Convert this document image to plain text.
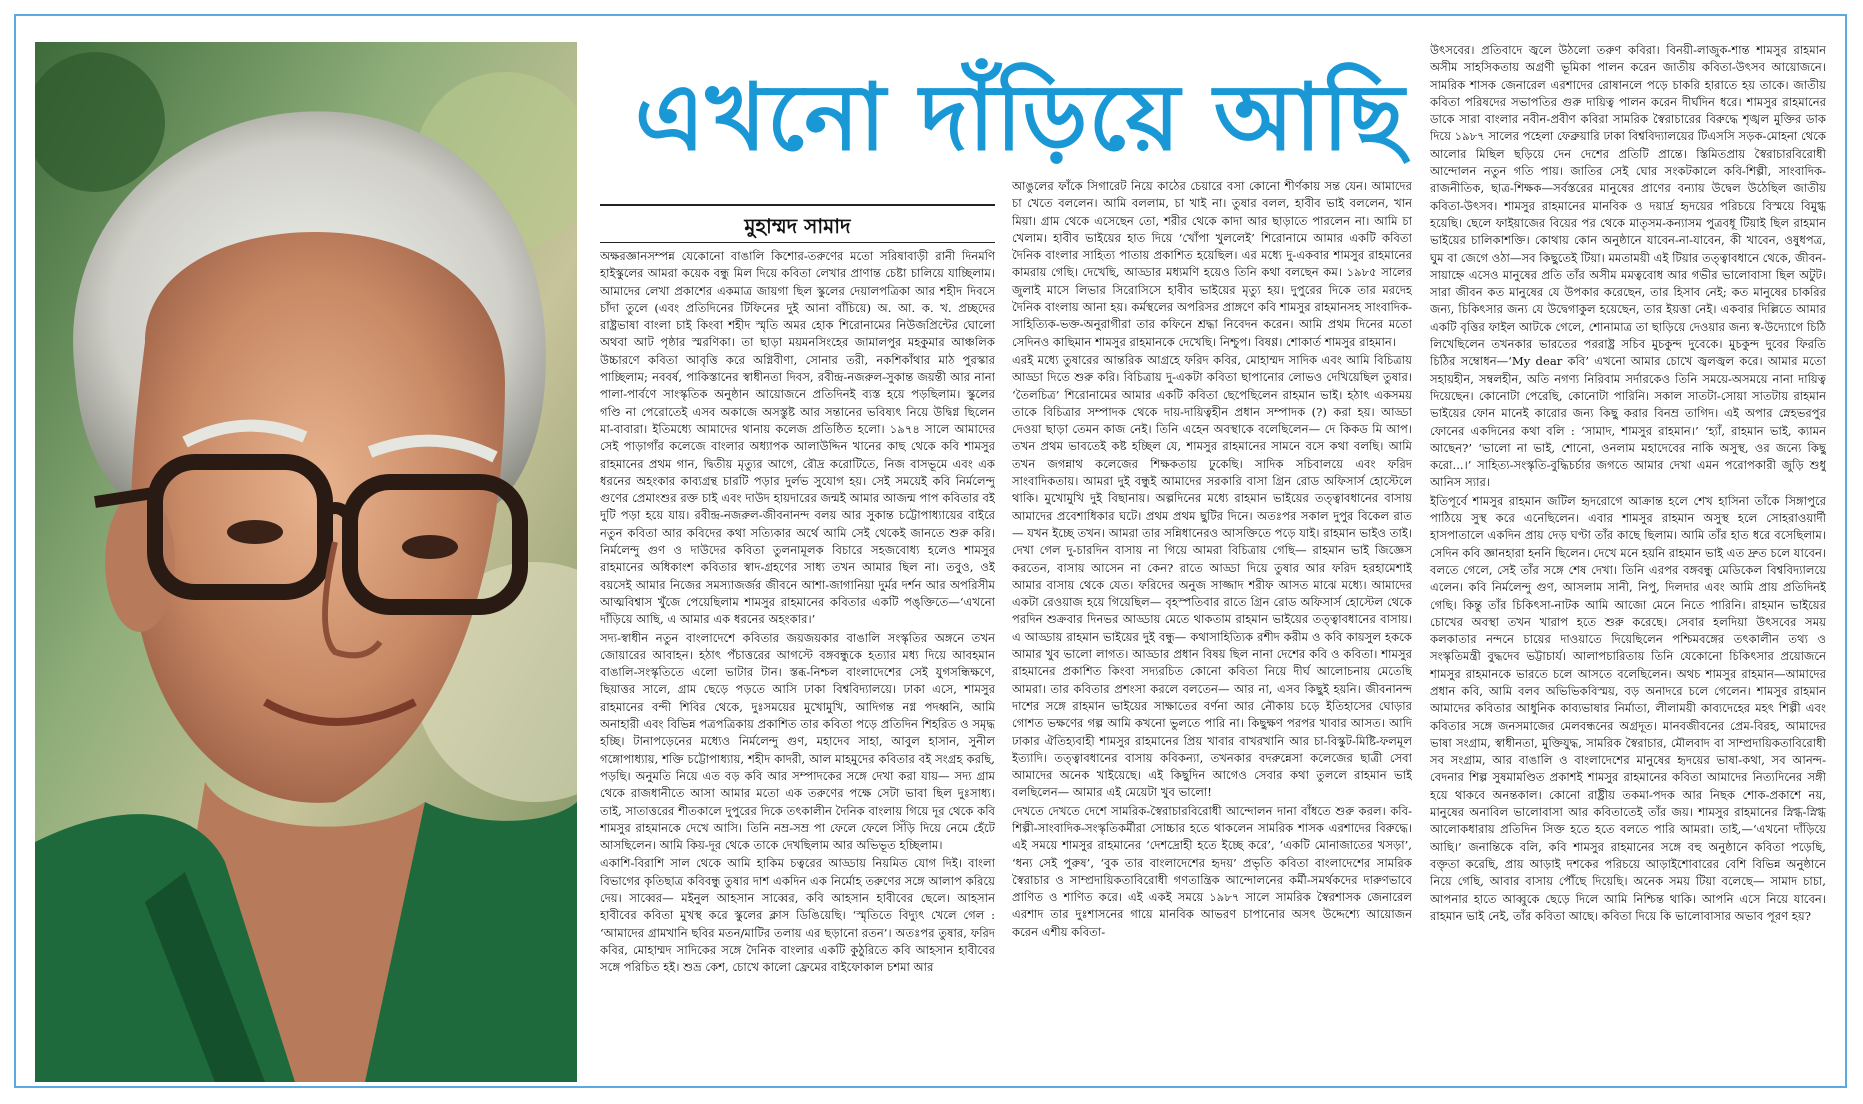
এখনো দাঁড়িয়ে আছি
মুহাম্মদ সামাদ

অক্ষরজ্ঞানসম্পন্ন যেকোনো বাঙালি কিশোর-তরুণের মতো সরিষাবাড়ী রানী দিনমণি হাইস্কুলের আমরা কয়েক বন্ধু মিল দিয়ে কবিতা লেখার প্রাণান্ত চেষ্টা চালিয়ে যাচ্ছিলাম। আমাদের লেখা প্রকাশের একমাত্র জায়গা ছিল স্কুলের দেয়ালপত্রিকা আর শহীদ দিবসে চাঁদা তুলে (এবং প্রতিদিনের টিফিনের দুই আনা বাঁচিয়ে) অ. আ. ক. খ. প্রচ্ছদের রাষ্ট্রভাষা বাংলা চাই কিংবা শহীদ স্মৃতি অমর হোক শিরোনামের নিউজপ্রিন্টের ঘোলো অথবা আট পৃষ্ঠার স্মরণিকা। তা ছাড়া ময়মনসিংহের জামালপুর মহকুমার আঞ্চলিক উচ্চারণে কবিতা আবৃত্তি করে অগ্নিবীণা, সোনার তরী, নকশিকাঁথার মাঠ পুরস্কার পাচ্ছিলাম; নববর্ষ, পাকিস্তানের স্বাধীনতা দিবস, রবীন্দ্র-নজরুল-সুকান্ত জয়ন্তী আর নানা পালা-পার্বণে সাংস্কৃতিক অনুষ্ঠান আয়োজনে প্রতিদিনই ব্যস্ত হয়ে পড়ছিলাম। স্কুলের গণ্ডি না পেরোতেই এসব অকাজে অসস্তুষ্ট আর সন্তানের ভবিষ্যৎ নিয়ে উদ্বিগ্ন ছিলেন মা-বাবারা। ইতিমধ্যে আমাদের থানায় কলেজ প্রতিষ্ঠিত হলো। ১৯৭৪ সালে আমাদের সেই পাড়াগাঁর কলেজে বাংলার অধ্যাপক আলাউদ্দিন খানের কাছ থেকে কবি শামসুর রাহমানের প্রথম গান, দ্বিতীয় মৃত্যুর আগে, রৌদ্র করোটিতে, নিজ বাসভূমে এবং এক ধরনের অহংকার কাব্যগ্রন্থ চারটি পড়ার দুর্লভ সুযোগ হয়। সেই সময়েই কবি নির্মলেন্দু গুণের প্রেমাংশুর রক্ত চাই এবং দাউদ হায়দারের জন্মই আমার আজন্ম পাপ কবিতার বই দুটি পড়া হয়ে যায়। রবীন্দ্র-নজরুল-জীবনানন্দ বলয় আর সুকান্ত চট্টোপাধ্যায়ের বাইরে নতুন কবিতা আর কবিদের কথা সত্যিকার অর্থে আমি সেই থেকেই জানতে শুরু করি। নির্মলেন্দু গুণ ও দাউদের কবিতা তুলনামূলক বিচারে সহজবোধ্য হলেও শামসুর রাহমানের অধিকাংশ কবিতার স্বাদ-গ্রহণের সাধ্য তখন আমার ছিল না। তবুও, ওই বয়সেই আমার নিজের সমস্যাজর্জর জীবনে আশা-জাগানিয়া দুর্মর দর্শন আর অপরিসীম আত্মবিশ্বাস খুঁজে পেয়েছিলাম শামসুর রাহমানের কবিতার একটি পঙ্‌ক্তিতে—‘এখনো দাঁড়িয়ে আছি, এ আমার এক ধরনের অহংকার।’

সদ্য-স্বাধীন নতুন বাংলাদেশে কবিতার জয়জয়কার বাঙালি সংস্কৃতির অঙ্গনে তখন জোয়ারের আবাহন। হঠাৎ পঁচাত্তরের আগস্টে বঙ্গবন্ধুকে হত্যার মধ্য দিয়ে আবহমান বাঙালি-সংস্কৃতিতে এলো ভাটার টান। স্তব্ধ-নিশ্চল বাংলাদেশের সেই যুগসন্ধিক্ষণে, ছিয়াত্তর সালে, গ্রাম ছেড়ে পড়তে আসি ঢাকা বিশ্ববিদ্যালয়ে। ঢাকা এসে, শামসুর রাহমানের বন্দী শিবির থেকে, দুঃসময়ের মুখোমুখি, আদিগন্ত নগ্ন পদধ্বনি, আমি অনাহারী এবং বিভিন্ন পত্রপত্রিকায় প্রকাশিত তার কবিতা পড়ে প্রতিদিন শিহরিত ও সমৃদ্ধ হচ্ছি। টানাপড়েনের মধ্যেও নির্মলেন্দু গুণ, মহাদেব সাহা, আবুল হাসান, সুনীল গঙ্গোপাধ্যায়, শক্তি চট্টোপাধ্যায়, শহীদ কাদরী, আল মাহমুদের কবিতার বই সংগ্রহ করছি, পড়ছি। অনুমতি নিয়ে এত বড় কবি আর সম্পাদকের সঙ্গে দেখা করা যায়— সদ্য গ্রাম থেকে রাজধানীতে আসা আমার মতো এক তরুণের পক্ষে সেটা ভাবা ছিল দুঃসাধ্য। তাই, সাতাত্তরের শীতকালে দুপুরের দিকে তৎকালীন দৈনিক বাংলায় গিয়ে দূর থেকে কবি শামসুর রাহমানকে দেখে আসি। তিনি নম্র-সম্র পা ফেলে ফেলে সিঁড়ি দিয়ে নেমে হেঁটে আসছিলেন। আমি কিয়-দূর থেকে তাকে দেখছিলাম আর অভিভূত হচ্ছিলাম।

একাশি-বিরাশি সাল থেকে আমি হাকিম চত্বরের আড্ডায় নিয়মিত যোগ দিই। বাংলা বিভাগের কৃতিছাত্র কবিবন্ধু তুষার দাশ একদিন এক নির্মোহ তরুণের সঙ্গে আলাপ করিয়ে দেয়। সাব্বের— মইনুল আহসান সাব্বের, কবি আহসান হাবীবের ছেলে। আহসান হাবীবের কবিতা মুখস্থ করে স্কুলের ক্লাস ডিঙিয়েছি। ‘স্মৃতিতে বিদ্যুৎ খেলে গেল : ‘আমাদের গ্রামখানি ছবির মতন/মাটির তলায় এর ছড়ানো রতন’। অতঃপর তুষার, ফরিদ কবির, মোহাম্মদ সাদিকের সঙ্গে দৈনিক বাংলার একটি কুঠুরিতে কবি আহসান হাবীবের সঙ্গে পরিচিত হই। শুভ্র কেশ, চোখে কালো ফ্রেমের বাইফোকাল চশমা আর

আঙুলের ফাঁকে সিগারেট নিয়ে কাঠের চেয়ারে বসা কোনো শীর্ণকায় সন্ত যেন। আমাদের চা খেতে বললেন। আমি বললাম, চা খাই না। তুষার বলল, হাবীব ভাই বললেন, খান মিয়া। গ্রাম থেকে এসেছেন তো, শরীর থেকে কাদা আর ছাড়াতে পারলেন না। আমি চা খেলাম। হাবীব ভাইয়ের হাত দিয়ে ‘খোঁপা খুললেই’ শিরোনামে আমার একটি কবিতা দৈনিক বাংলার সাহিত্য পাতায় প্রকাশিত হয়েছিল। এর মধ্যে দু-একবার শামসুর রাহমানের কামরায় গেছি। দেখেছি, আড্ডার মধ্যমণি হয়েও তিনি কথা বলছেন কম। ১৯৮৫ সালের জুলাই মাসে লিভার সিরোসিসে হাবীব ভাইয়ের মৃত্যু হয়। দুপুরের দিকে তার মরদেহ দৈনিক বাংলায় আনা হয়। কর্মস্থলের অপরিসর প্রাঙ্গণে কবি শামসুর রাহমানসহ সাংবাদিক-সাহিত্যিক-ভক্ত-অনুরাগীরা তার কফিনে শ্রদ্ধা নিবেদন করেন। আমি প্রথম দিনের মতো সেদিনও কাছিমান শামসুর রাহমানকে দেখেছি। নিশ্চুপ। বিষণ্ণ। শোকার্ত শামসুর রাহমান।

এরই মধ্যে তুষারের আন্তরিক আগ্রহে ফরিদ কবির, মোহাম্মদ সাদিক এবং আমি বিচিত্রায় আড্ডা দিতে শুরু করি। বিচিত্রায় দু-একটা কবিতা ছাপানোর লোভও দেখিয়েছিল তুষার। ‘তৈলচিত্র’ শিরোনামের আমার একটি কবিতা ছেপেছিলেন রাহমান ভাই। হঠাৎ একসময় তাকে বিচিত্রার সম্পাদক থেকে দায়-দায়িত্বহীন প্রধান সম্পাদক (?) করা হয়। আড্ডা দেওয়া ছাড়া তেমন কাজ নেই। তিনি এহেন অবস্থাকে বলেছিলেন— দে কিকড মি আপ। তখন প্রথম ভাবতেই কষ্ট হচ্ছিল যে, শামসুর রাহমানের সামনে বসে কথা বলছি। আমি তখন জগন্নাথ কলেজের শিক্ষকতায় ঢুকেছি। সাদিক সচিবালয়ে এবং ফরিদ সাংবাদিকতায়। আমরা দুই বন্ধুই আমাদের সরকারি বাসা গ্রিন রোড অফিসার্স হোস্টেলে থাকি। মুখোমুখি দুই বিছানায়। অল্পদিনের মধ্যে রাহমান ভাইয়ের তত্ত্বাবধানের বাসায় আমাদের প্রবেশাধিকার ঘটে। প্রথম প্রথম ছুটির দিনে। অতঃপর সকাল দুপুর বিকেল রাত— যখন ইচ্ছে তখন। আমরা তার সন্নিধানেরও আসক্তিতে পড়ে যাই। রাহমান ভাইও তাই। দেখা গেল দু-চারদিন বাসায় না গিয়ে আমরা বিচিত্রায় গেছি— রাহমান ভাই জিজ্ঞেস করতেন, বাসায় আসেন না কেন? রাতে আড্ডা দিয়ে তুষার আর ফরিদ হরহামেশাই আমার বাসায় থেকে যেত। ফরিদের অনুজ সাজ্জাদ শরীফ আসত মাঝে মধ্যে। আমাদের একটা রেওয়াজ হয়ে গিয়েছিল— বৃহস্পতিবার রাতে গ্রিন রোড অফিসার্স হোস্টেল থেকে পরদিন শুক্রবার দিনভর আড্ডায় মেতে থাকতাম রাহমান ভাইয়ের তত্ত্বাবধানের বাসায়। এ আড্ডায় রাহমান ভাইয়ের দুই বন্ধু— কথাসাহিত্যিক রশীদ করীম ও কবি কায়সুল হককে আমার খুব ভালো লাগত। আড্ডার প্রধান বিষয় ছিল নানা দেশের কবি ও কবিতা। শামসুর রাহমানের প্রকাশিত কিংবা সদ্যরচিত কোনো কবিতা নিয়ে দীর্ঘ আলোচনায় মেতেছি আমরা। তার কবিতার প্রশংসা করলে বলতেন— আর না, এসব কিছুই হয়নি। জীবনানন্দ দাশের সঙ্গে রাহমান ভাইয়ের সাক্ষাতের বর্ণনা আর নৌকায় চড়ে ইতিহাসের ঘোড়ার গোশত ভক্ষণের গল্প আমি কখনো ভুলতে পারি না। কিছুক্ষণ পরপর খাবার আসত। আদি ঢাকার ঐতিহ্যবাহী শামসুর রাহমানের প্রিয় খাবার বাখরখানি আর চা-বিস্কুট-মিষ্টি-ফলমূল ইত্যাদি। তত্ত্বাবধানের বাসায় কবিকন্যা, তখনকার বদরুন্নেসা কলেজের ছাত্রী সেবা আমাদের অনেক খাইয়েছে। এই কিছুদিন আগেও সেবার কথা তুললে রাহমান ভাই বলছিলেন— আমার এই মেয়েটা খুব ভালো!

দেখতে দেখতে দেশে সামরিক-স্বৈরাচারবিরোধী আন্দোলন দানা বাঁধতে শুরু করল। কবি-শিল্পী-সাংবাদিক-সংস্কৃতিকর্মীরা সোচ্চার হতে থাকলেন সামরিক শাসক এরশাদের বিরুদ্ধে। এই সময়ে শামসুর রাহমানের ‘দেশদ্রোহী হতে ইচ্ছে করে’, ‘একটি মোনাজাতের খসড়া’, ‘ধন্য সেই পুরুষ’, ‘বুক তার বাংলাদেশের হৃদয়’ প্রভৃতি কবিতা বাংলাদেশের সামরিক স্বৈরাচার ও সাম্প্রদায়িকতাবিরোধী গণতান্ত্রিক আন্দোলনের কর্মী-সমর্থকদের দারুণভাবে প্রাণিত ও শাণিত করে। এই একই সময়ে ১৯৮৭ সালে সামরিক স্বৈরশাসক জেনারেল এরশাদ তার দুঃশাসনের গায়ে মানবিক আভরণ চাপানোর অসৎ উদ্দেশ্যে আয়োজন করেন এশীয় কবিতা-

উৎসবের। প্রতিবাদে জ্বলে উঠলো তরুণ কবিরা। বিনয়ী-লাজুক-শান্ত শামসুর রাহমান অসীম সাহসিকতায় অগ্রণী ভূমিকা পালন করেন জাতীয় কবিতা-উৎসব আয়োজনে। সামরিক শাসক জেনারেল এরশাদের রোষানলে পড়ে চাকরি হারাতে হয় তাকে। জাতীয় কবিতা পরিষদের সভাপতির গুরু দায়িত্ব পালন করেন দীর্ঘদিন ধরে। শামসুর রাহমানের ডাকে সারা বাংলার নবীন-প্রবীণ কবিরা সামরিক স্বৈরাচারের বিরুদ্ধে শৃঙ্খল মুক্তির ডাক দিয়ে ১৯৮৭ সালের পহেলা ফেব্রুয়ারি ঢাকা বিশ্ববিদ্যালয়ের টিএসসি সড়ক-মোহনা থেকে আলোর মিছিল ছড়িয়ে দেন দেশের প্রতিটি প্রান্তে। স্তিমিতপ্রায় স্বৈরাচারবিরোধী আন্দোলন নতুন গতি পায়। জাতির সেই ঘোর সংকটকালে কবি-শিল্পী, সাংবাদিক-রাজনীতিক, ছাত্র-শিক্ষক—সর্বস্তরের মানুষের প্রাণের বন্যায় উদ্বেল উঠেছিল জাতীয় কবিতা-উৎসব। শামসুর রাহমানের মানবিক ও দয়ার্দ্র হৃদয়ের পরিচয়ে বিস্ময়ে বিমুগ্ধ হয়েছি। ছেলে ফাইয়াজের বিয়ের পর থেকে মাতৃসম-কন্যাসম পুত্রবধূ টিয়াই ছিল রাহমান ভাইয়ের চালিকাশক্তি। কোথায় কোন অনুষ্ঠানে যাবেন-না-যাবেন, কী খাবেন, ওষুধপত্র, ঘুম বা জেগে ওঠা—সব কিছুতেই টিয়া। মমতাময়ী এই টিয়ার তত্ত্বাবধানে থেকে, জীবন-সায়াহ্নে এসেও মানুষের প্রতি তাঁর অসীম মমত্ববোধ আর গভীর ভালোবাসা ছিল অটুট। সারা জীবন কত মানুষের যে উপকার করেছেন, তার হিসাব নেই; কত মানুষের চাকরির জন্য, চিকিৎসার জন্য যে উদ্বেগাকুল হয়েছেন, তার ইয়ত্তা নেই। একবার দিল্লিতে আমার একটি বৃত্তির ফাইল আটকে গেলে, শোনামাত্র তা ছাড়িয়ে দেওয়ার জন্য স্ব-উদ্যোগে চিঠি লিখেছিলেন তখনকার ভারতের পররাষ্ট্র সচিব মুচকুন্দ দুবেকে। মুচকুন্দ দুবের ফিরতি চিঠির সম্বোধন—‘My dear কবি’ এখনো আমার চোখে জ্বলজ্বল করে। আমার মতো সহায়হীন, সম্বলহীন, অতি নগণ্য নিরিবাম সর্দারকেও তিনি সময়ে-অসময়ে নানা দায়িত্ব দিয়েছেন। কোনোটা পেরেছি, কোনোটা পারিনি। সকাল সাতটা-সোয়া সাতটায় রাহমান ভাইয়ের ফোন মানেই কারোর জন্য কিছু করার বিনম্র তাগিদ। এই অপার স্নেহভরপুর ফোনের একদিনের কথা বলি : ‘সামাদ, শামসুর রাহমান।’ ‘হ্যাঁ, রাহমান ভাই, ক্যামন আছেন?’ ‘ভালো না ভাই, শোনো, ওনলাম মহাদেবের নাকি অসুস্থ, ওর জন্যে কিছু করো...।’ সাহিত্য-সংস্কৃতি-বুদ্ধিচর্চার জগতে আমার দেখা এমন পরোপকারী জুড়ি শুধু আনিস স্যার।

ইতিপূর্বে শামসুর রাহমান জটিল হৃদরোগে আক্রান্ত হলে শেখ হাসিনা তাঁকে সিঙ্গাপুরে পাঠিয়ে সুস্থ করে এনেছিলেন। এবার শামসুর রাহমান অসুস্থ হলে সোহরাওয়ার্দী হাসপাতালে একদিন প্রায় দেড় ঘণ্টা তাঁর কাছে ছিলাম। আমি তাঁর হাত ধরে বসেছিলাম। সেদিন কবি জ্ঞানহারা হননি ছিলেন। দেখে মনে হয়নি রাহমান ভাই এত দ্রুত চলে যাবেন। বলতে গেলে, সেই তাঁর সঙ্গে শেষ দেখা। তিনি এরপর বঙ্গবন্ধু মেডিকেল বিশ্ববিদ্যালয়ে এলেন। কবি নির্মলেন্দু গুণ, আসলাম সানী, নিপু, দিলদার এবং আমি প্রায় প্রতিদিনই গেছি। কিন্তু তাঁর চিকিৎসা-নাটক আমি আজো মেনে নিতে পারিনি। রাহমান ভাইয়ের চোখের অবস্থা তখন খারাপ হতে শুরু করেছে। সেবার হলদিয়া উৎসবের সময় কলকাতার নন্দনে চায়ের দাওয়াতে দিয়েছিলেন পশ্চিমবঙ্গের তৎকালীন তথ্য ও সংস্কৃতিমন্ত্রী বুদ্ধদেব ভট্টাচার্য। আলাপচারিতায় তিনি যেকোনো চিকিৎসার প্রয়োজনে শামসুর রাহমানকে ভারতে চলে আসতে বলেছিলেন। অথচ শামসুর রাহমান—আমাদের প্রধান কবি, আমি বলব অভিভিকবিস্ময়, বড় অনাদরে চলে গেলেন। শামসুর রাহমান আমাদের কবিতার আধুনিক কাব্যভাষার নির্মাতা, লীলাময়ী কাব্যদেহের মহৎ শিল্পী এবং কবিতার সঙ্গে জনসমাজের মেলবন্ধনের অগ্রদূত। মানবজীবনের প্রেম-বিরহ, আমাদের ভাষা সংগ্রাম, স্বাধীনতা, মুক্তিযুদ্ধ, সামরিক স্বৈরাচার, মৌলবাদ বা সাম্প্রদায়িকতাবিরোধী সব সংগ্রাম, আর বাঙালি ও বাংলাদেশের মানুষের হৃদয়ের ভাষা-কথা, সব আনন্দ-বেদনার শিল্প সুষমামণ্ডিত প্রকাশই শামসুর রাহমানের কবিতা আমাদের নিত্যদিনের সঙ্গী হয়ে থাকবে অনন্তকাল। কোনো রাষ্ট্রীয় তকমা-পদক আর নিছক শোক-প্রকাশে নয়, মানুষের অনাবিল ভালোবাসা আর কবিতাতেই তাঁর জয়। শামসুর রাহমানের স্নিগ্ধ-স্নিগ্ধ আলোকধারায় প্রতিদিন সিক্ত হতে হতে বলতে পারি আমরা। তাই,—‘এখনো দাঁড়িয়ে আছি।’ জনান্তিকে বলি, কবি শামসুর রাহমানের সঙ্গে বহু অনুষ্ঠানে কবিতা পড়েছি, বক্তৃতা করেছি, প্রায় আড়াই দশকের পরিচয়ে আড়াইশোবারের বেশি বিভিন্ন অনুষ্ঠানে নিয়ে গেছি, আবার বাসায় পৌঁছে দিয়েছি। অনেক সময় টিয়া বলেছে— সামাদ চাচা, আপনার হাতে আব্বুকে ছেড়ে দিলে আমি নিশ্চিন্ত থাকি। আপনি এসে নিয়ে যাবেন। রাহমান ভাই নেই, তাঁর কবিতা আছে। কবিতা দিয়ে কি ভালোবাসার অভাব পূরণ হয়?
